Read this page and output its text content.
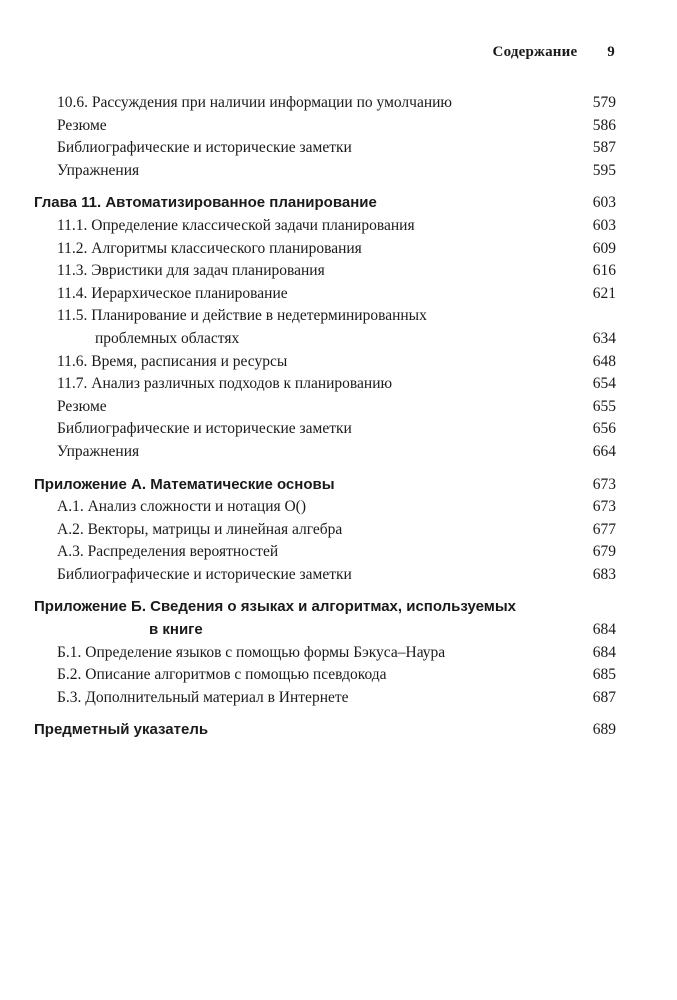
Содержание 9
10.6. Рассуждения при наличии информации по умолчанию	579
Резюме	586
Библиографические и исторические заметки	587
Упражнения	595
Глава 11. Автоматизированное планирование	603
11.1. Определение классической задачи планирования	603
11.2. Алгоритмы классического планирования	609
11.3. Эвристики для задач планирования	616
11.4. Иерархическое планирование	621
11.5. Планирование и действие в недетерминированных
проблемных областях	634
11.6. Время, расписания и ресурсы	648
11.7. Анализ различных подходов к планированию	654
Резюме	655
Библиографические и исторические заметки	656
Упражнения	664
Приложение А. Математические основы	673
А.1. Анализ сложности и нотация О()	673
А.2. Векторы, матрицы и линейная алгебра	677
А.3. Распределения вероятностей	679
Библиографические и исторические заметки	683
Приложение Б. Сведения о языках и алгоритмах, используемых
в книге	684
Б.1. Определение языков с помощью формы Бэкуса–Наура	684
Б.2. Описание алгоритмов с помощью псевдокода	685
Б.3. Дополнительный материал в Интернете	687
Предметный указатель	689
